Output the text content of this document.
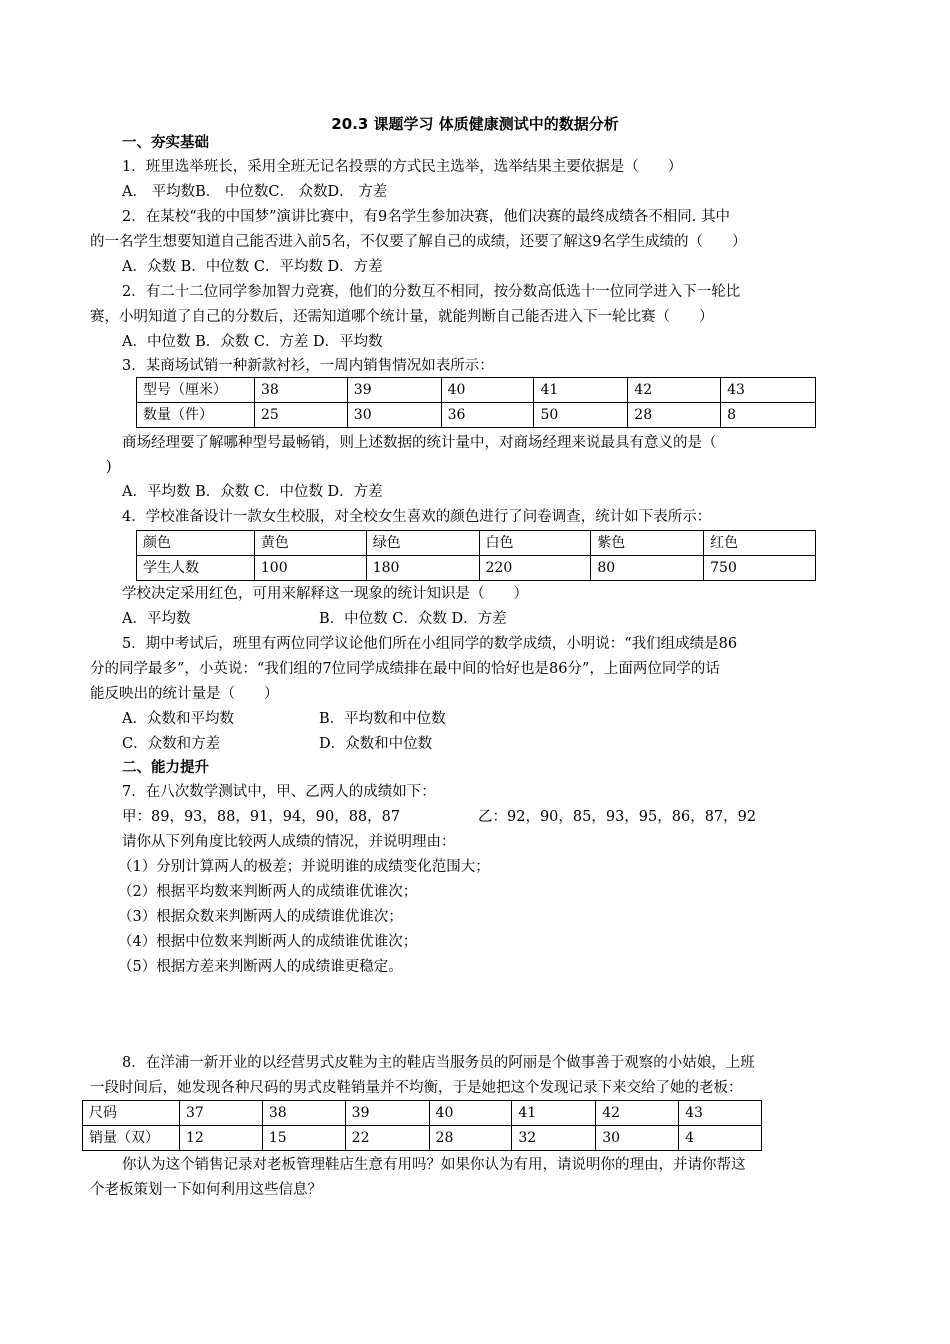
20.3 课题学习 体质健康测试中的数据分析
一、夯实基础
1．班里选举班长，采用全班无记名投票的方式民主选举，选举结果主要依据是（　　）
A． 平均数B． 中位数C． 众数D． 方差
2．在某校“我的中国梦”演讲比赛中，有9名学生参加决赛，他们决赛的最终成绩各不相同. 其中
的一名学生想要知道自己能否进入前5名，不仅要了解自己的成绩，还要了解这9名学生成绩的（　　）
A．众数 B．中位数 C．平均数 D．方差
2．有二十二位同学参加智力竞赛，他们的分数互不相同，按分数高低选十一位同学进入下一轮比
赛，小明知道了自己的分数后，还需知道哪个统计量，就能判断自己能否进入下一轮比赛（　　）
A．中位数 B．众数 C．方差 D．平均数
3．某商场试销一种新款衬衫，一周内销售情况如表所示：
型号（厘米）	38	39	40	41	42	43
数量（件）	25	30	36	50	28	8
商场经理要了解哪种型号最畅销，则上述数据的统计量中，对商场经理来说最具有意义的是（
)
A．平均数 B．众数 C．中位数 D．方差
4．学校准备设计一款女生校服，对全校女生喜欢的颜色进行了问卷调查，统计如下表所示：
颜色	黄色	绿色	白色	紫色	红色
学生人数	100	180	220	80	750
学校决定采用红色，可用来解释这一现象的统计知识是（　　）
A．平均数	B．中位数 C．众数 D．方差
5．期中考试后，班里有两位同学议论他们所在小组同学的数学成绩，小明说：“我们组成绩是86
分的同学最多”，小英说：“我们组的7位同学成绩排在最中间的恰好也是86分”，上面两位同学的话
能反映出的统计量是（　　）
A．众数和平均数	B．平均数和中位数
C．众数和方差	D．众数和中位数
二、能力提升
7．在八次数学测试中，甲、乙两人的成绩如下：
甲：89，93，88，91，94，90，88，87	乙：92，90，85，93，95，86，87，92
请你从下列角度比较两人成绩的情况，并说明理由：
（1）分别计算两人的极差；并说明谁的成绩变化范围大；
（2）根据平均数来判断两人的成绩谁优谁次；
（3）根据众数来判断两人的成绩谁优谁次；
（4）根据中位数来判断两人的成绩谁优谁次；
（5）根据方差来判断两人的成绩谁更稳定。
8．在洋浦一新开业的以经营男式皮鞋为主的鞋店当服务员的阿丽是个做事善于观察的小姑娘，上班
一段时间后，她发现各种尺码的男式皮鞋销量并不均衡，于是她把这个发现记录下来交给了她的老板：
尺码	37	38	39	40	41	42	43
销量（双）	12	15	22	28	32	30	4
你认为这个销售记录对老板管理鞋店生意有用吗？如果你认为有用，请说明你的理由，并请你帮这
个老板策划一下如何利用这些信息？
